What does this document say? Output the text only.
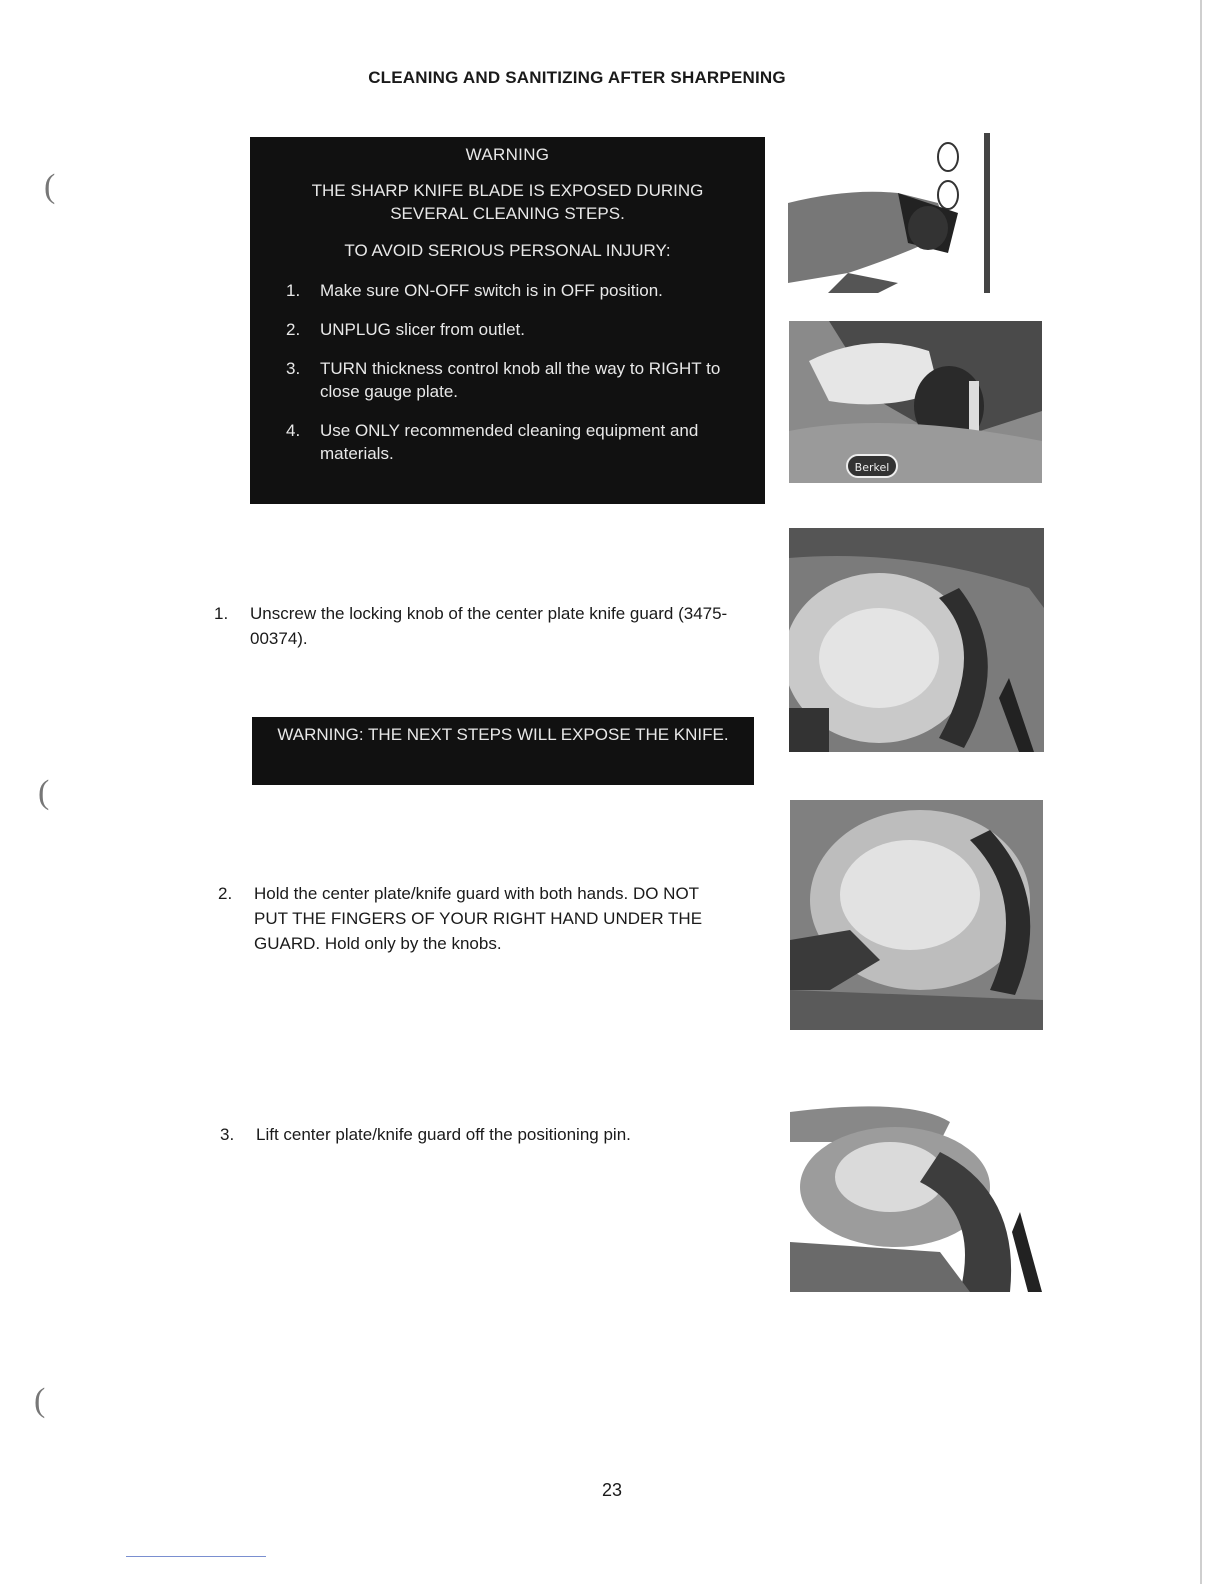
CLEANING AND SANITIZING AFTER SHARPENING
WARNING
THE SHARP KNIFE BLADE IS EXPOSED DURING SEVERAL CLEANING STEPS.
TO AVOID SERIOUS PERSONAL INJURY:
1.	Make sure ON-OFF switch is in OFF position.
2.	UNPLUG slicer from outlet.
3.	TURN thickness control knob all the way to RIGHT to close gauge plate.
4.	Use ONLY recommended cleaning equipment and materials.
1.	Unscrew the locking knob of the center plate knife guard (3475-00374).
WARNING: THE NEXT STEPS WILL EXPOSE THE KNIFE.
2.	Hold the center plate/knife guard with both hands. DO NOT PUT THE FINGERS OF YOUR RIGHT HAND UNDER THE GUARD. Hold only by the knobs.
3.	Lift center plate/knife guard off the positioning pin.
Berkel
(
(
(
23
